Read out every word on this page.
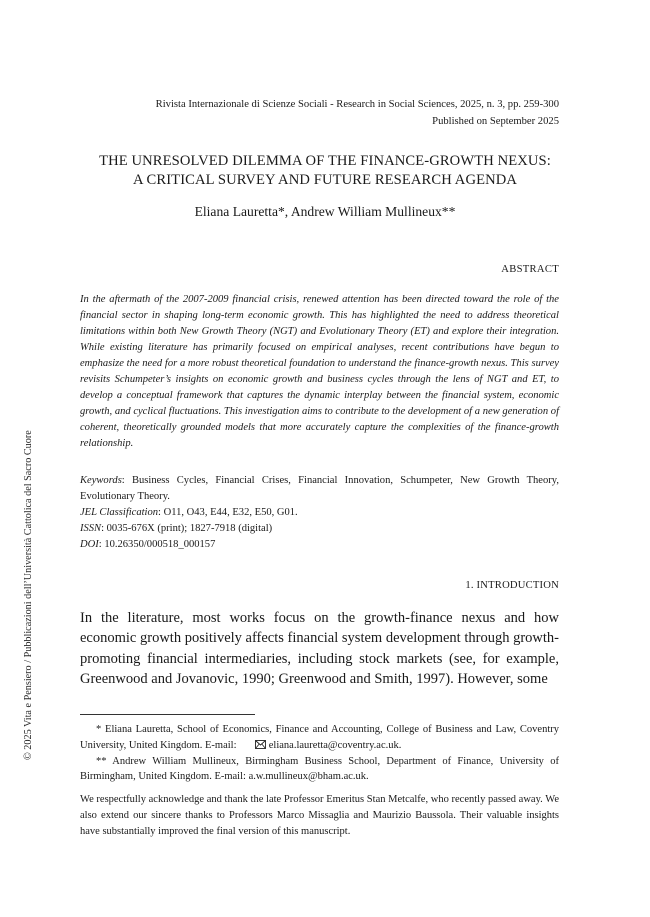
Rivista Internazionale di Scienze Sociali - Research in Social Sciences, 2025, n. 3, pp. 259-300
Published on September 2025
THE UNRESOLVED DILEMMA OF THE FINANCE-GROWTH NEXUS:
A CRITICAL SURVEY AND FUTURE RESEARCH AGENDA
Eliana Lauretta*, Andrew William Mullineux**
ABSTRACT
In the aftermath of the 2007-2009 financial crisis, renewed attention has been directed toward the role of the financial sector in shaping long-term economic growth. This has highlighted the need to address theoretical limitations within both New Growth Theory (NGT) and Evolutionary Theory (ET) and explore their integration. While existing literature has primarily focused on empirical analyses, recent contributions have begun to emphasize the need for a more robust theoretical foundation to understand the finance-growth nexus. This survey revisits Schumpeter’s insights on economic growth and business cycles through the lens of NGT and ET, to develop a conceptual framework that captures the dynamic interplay between the financial system, economic growth, and cyclical fluctuations. This investigation aims to contribute to the development of a new generation of coherent, theoretically grounded models that more accurately capture the complexities of the finance-growth relationship.
Keywords: Business Cycles, Financial Crises, Financial Innovation, Schumpeter, New Growth Theory, Evolutionary Theory.
JEL Classification: O11, O43, E44, E32, E50, G01.
ISSN: 0035-676X (print); 1827-7918 (digital)
DOI: 10.26350/000518_000157
1. INTRODUCTION
In the literature, most works focus on the growth-finance nexus and how economic growth positively affects financial system development through growth-promoting financial intermediaries, including stock markets (see, for example, Greenwood and Jovanovic, 1990; Greenwood and Smith, 1997). However, some

* Eliana Lauretta, School of Economics, Finance and Accounting, College of Business and Law, Coventry University, United Kingdom. E-mail:	eliana.lauretta@coventry.ac.uk.

** Andrew William Mullineux, Birmingham Business School, Department of Finance, University of Birmingham, United Kingdom. E-mail: a.w.mullineux@bham.ac.uk.

We respectfully acknowledge and thank the late Professor Emeritus Stan Metcalfe, who recently passed away. We also extend our sincere thanks to Professors Marco Missaglia and Maurizio Baussola. Their valuable insights have substantially improved the final version of this manuscript.

© 2025 Vita e Pensiero / Pubblicazioni dell’Università Cattolica del Sacro Cuore
